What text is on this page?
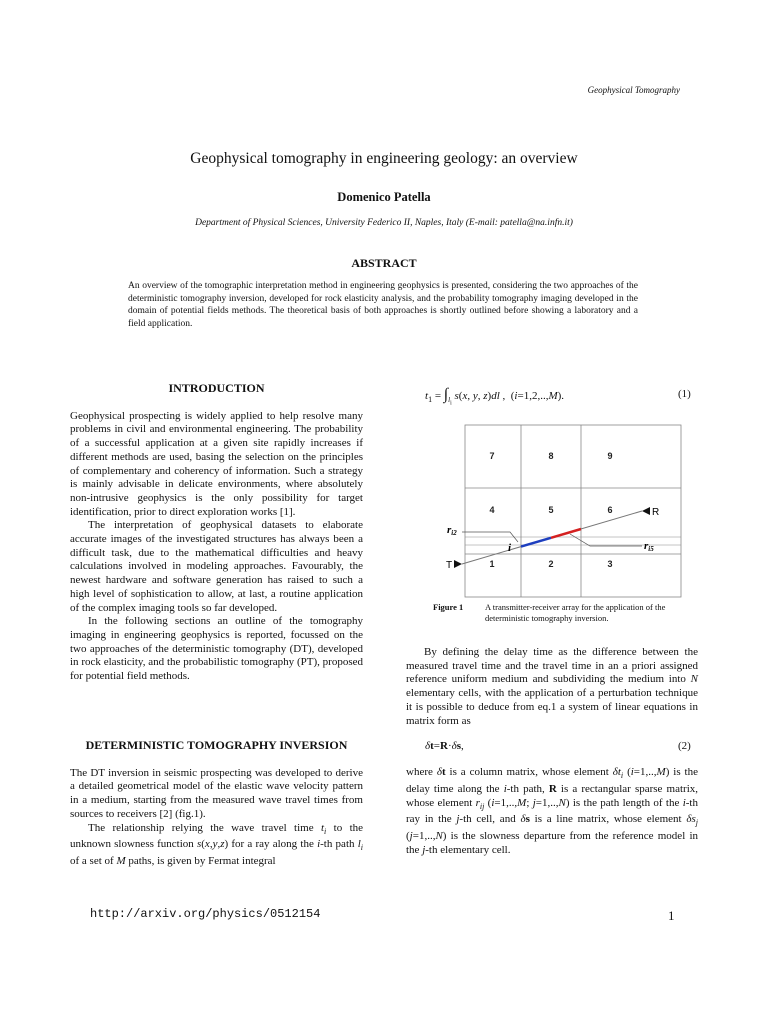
Geophysical Tomography
Geophysical tomography in engineering geology: an overview
Domenico Patella
Department of Physical Sciences, University Federico II, Naples, Italy (E-mail: patella@na.infn.it)
ABSTRACT
An overview of the tomographic interpretation method in engineering geophysics is presented, considering the two approaches of the deterministic tomography inversion, developed for rock elasticity analysis, and the probability tomography imaging developed in the domain of potential fields methods. The theoretical basis of both approaches is shortly outlined before showing a laboratory and a field application.
INTRODUCTION

Geophysical prospecting is widely applied to help resolve many problems in civil and environmental engineering. The probability of a successful application at a given site rapidly increases if different methods are used, basing the selection on the principles of complementary and coherency of information. Such a strategy is mainly advisable in delicate environments, where absolutely non-intrusive geophysics is the only possibility for target identification, prior to direct exploration works [1].

The interpretation of geophysical datasets to elaborate accurate images of the investigated structures has always been a difficult task, due to the mathematical difficulties and heavy calculations involved in modeling approaches. Favourably, the newest hardware and software generation has raised to such a high level of sophistication to allow, at last, a routine application of the complex imaging tools so far developed.

In the following sections an outline of the tomography imaging in engineering geophysics is reported, focussed on the two approaches of the deterministic tomography (DT), developed in rock elasticity, and the probabilistic tomography (PT), proposed for potential field methods.

DETERMINISTIC TOMOGRAPHY INVERSION

The DT inversion in seismic prospecting was developed to derive a detailed geometrical model of the elastic wave velocity pattern in a medium, starting from the measured wave travel times from sources to receivers [2] (fig.1).

The relationship relying the wave travel time $t_i$ to the unknown slowness function s(x,y,z) for a ray along the i-th path $l_i$ of a set of M paths, is given by Fermat integral

$t_1 = \int_{l_i}$ s(x, y, z)dl ,  (i=1,2,..,M).	(1)
7	8	9
4	5	6
1	2	3
T
R
ri2
ri5
i
Figure 1	A transmitter-receiver array for the application of the deterministic tomography inversion.

By defining the delay time as the difference between the measured travel time and the travel time in an a priori assigned reference uniform medium and subdividing the medium into N elementary cells, with the application of a perturbation technique it is possible to deduce from eq.1 a system of linear equations in matrix form as

δt=R·δs,	(2)

where δt is a column matrix, whose element $\delta t_i$ (i=1,..,M) is the delay time along the i-th path, R is a rectangular sparse matrix, whose element $r_{ij}$ (i=1,..,M; j=1,..,N) is the path length of the i-th ray in the j-th cell, and δs is a line matrix, whose element $\delta s_j$ (j=1,..,N) is the slowness departure from the reference model in the j-th elementary cell.

http://arxiv.org/physics/0512154	1
